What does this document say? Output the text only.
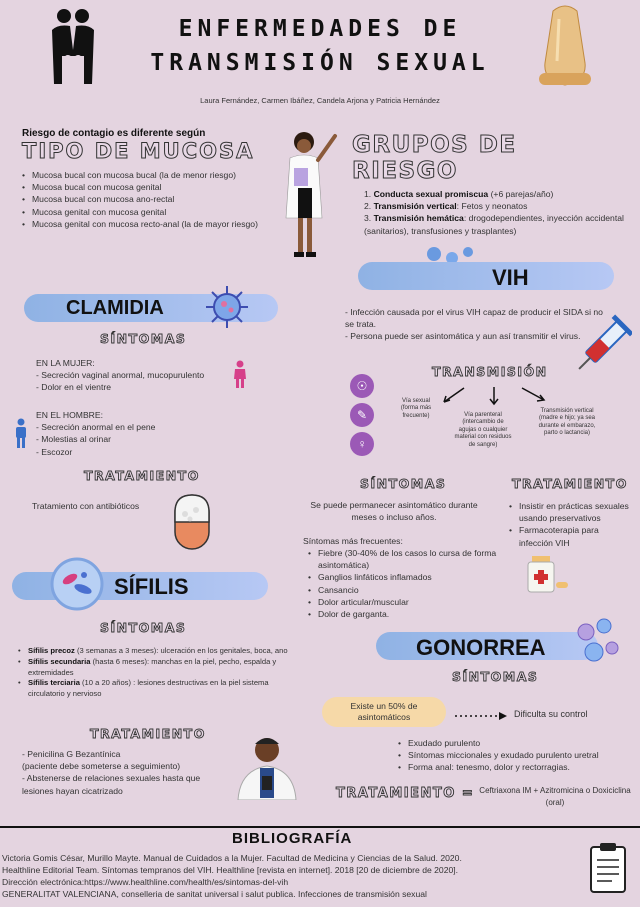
ENFERMEDADES DE
TRANSMISIÓN SEXUAL
Laura Fernández, Carmen Ibáñez, Candela Arjona y Patricia Hernández
Riesgo de contagio es diferente según
TIPO DE MUCOSA
• Mucosa bucal con mucosa bucal (la de menor riesgo)
• Mucosa bucal con mucosa genital
• Mucosa bucal con mucosa ano-rectal
• Mucosa genital con mucosa genital
• Mucosa genital con mucosa recto-anal (la de mayor riesgo)
GRUPOS DE RIESGO
1. Conducta sexual promiscua (+6 parejas/año)
2. Transmisión vertical: Fetos y neonatos
3. Transmisión hemática: drogodependientes, inyección accidental (sanitarios), transfusiones y trasplantes)
VIH
CLAMIDIA	- Infección causada por el virus VIH capaz de producir el SIDA si no se trata.
- Persona puede ser asintomática y aun así transmitir el virus.
SÍNTOMAS
EN LA MUJER:
- Secreción vaginal anormal, mucopurulento
- Dolor en el vientre
EN EL HOMBRE:
- Secreción anormal en el pene
- Molestias al orinar
- Escozor
TRATAMIENTO
Tratamiento con antibióticos
TRANSMISIÓN
☉
✎
♀
Vía sexual (forma más frecuente)	Vía parenteral (intercambio de agujas o cualquier material con residuos de sangre)
Transmisión vertical (madre e hijo; ya sea durante el embarazo, parto o lactancia)
SÍNTOMAS	TRATAMIENTO
Se puede permanecer asintomático durante meses o incluso años.
Síntomas más frecuentes:
• Fiebre (30-40% de los casos lo cursa de forma asintomática)
• Ganglios linfáticos inflamados
• Cansancio
• Dolor articular/muscular
• Dolor de garganta.
• Insistir en prácticas sexuales usando preservativos
• Farmacoterapia para infección VIH
SÍFILIS
SÍNTOMAS
• Sífilis precoz (3 semanas a 3 meses): ulceración en los genitales, boca, ano
• Sífilis secundaria (hasta 6 meses): manchas en la piel, pecho, espalda y extremidades
• Sífilis terciaria (10 a 20 años) : lesiones destructivas en la piel sistema circulatorio y nervioso
TRATAMIENTO
- Penicilina G Bezantínica
(paciente debe someterse a seguimiento)
- Abstenerse de relaciones sexuales hasta que lesiones hayan cicatrizado
GONORREA
SÍNTOMAS
Existe un 50% de asintomáticos	Dificulta su control
• Exudado purulento
• Síntomas miccionales y exudado purulento uretral
• Forma anal: tenesmo, dolor y rectorragias.
TRATAMIENTO = Ceftriaxona IM + Azitromicina o Doxiciclina (oral)
BIBLIOGRAFÍA
Victoria Gomis César, Murillo Mayte. Manual de Cuidados a la Mujer. Facultad de Medicina y Ciencias de la Salud. 2020.
Healthline Editorial Team. Síntomas tempranos del VIH. Healthline [revista en internet]. 2018 [20 de diciembre de 2020].
Dirección electrónica:https://www.healthline.com/health/es/sintomas-del-vih
GENERALITAT VALENCIANA, conselleria de sanitat universal i salut publica. Infecciones de transmisión sexual
